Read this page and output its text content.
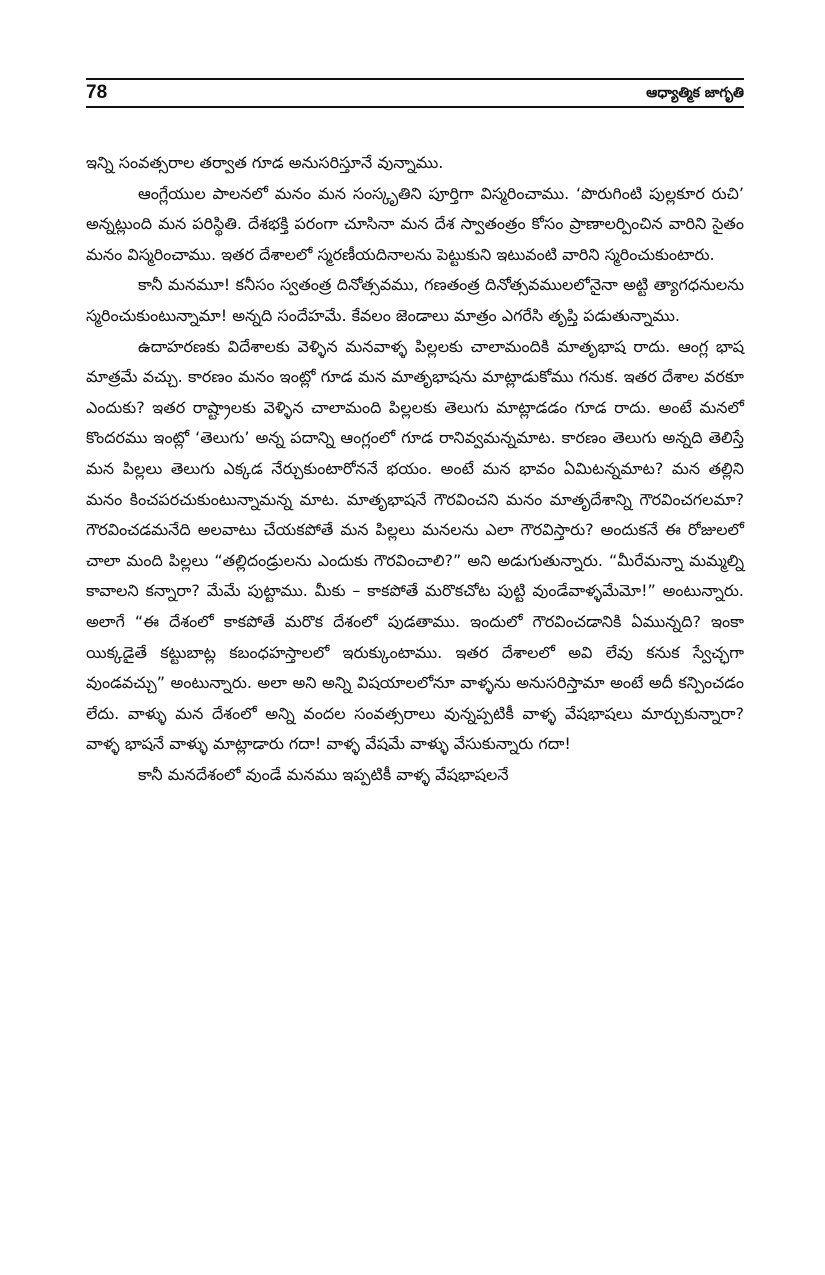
78	ఆధ్యాత్మిక జాగృతి

ఇన్ని సంవత్సరాల తర్వాత గూడ అనుసరిస్తూనే వున్నాము.

ఆంగ్లేయుల పాలనలో మనం మన సంస్కృతిని పూర్తిగా విస్మరించాము. ‘పొరుగింటి పుల్లకూర రుచి’ అన్నట్లుంది మన పరిస్థితి. దేశభక్తి పరంగా చూసినా మన దేశ స్వాతంత్రం కోసం ప్రాణాలర్పించిన వారిని సైతం మనం విస్మరించాము. ఇతర దేశాలలో స్మరణీయదినాలను పెట్టుకుని ఇటువంటి వారిని స్మరించుకుంటారు.

కానీ మనమూ! కనీసం స్వతంత్ర దినోత్సవము, గణతంత్ర దినోత్సవములలోనైనా అట్టి త్యాగధనులను స్మరించుకుంటున్నామా! అన్నది సందేహమే. కేవలం జెండాలు మాత్రం ఎగరేసి తృప్తి పడుతున్నాము.

ఉదాహరణకు విదేశాలకు వెళ్ళిన మనవాళ్ళ పిల్లలకు చాలామందికి మాతృభాష రాదు. ఆంగ్ల భాష మాత్రమే వచ్చు. కారణం మనం ఇంట్లో గూడ మన మాతృభాషను మాట్లాడుకోము గనుక. ఇతర దేశాల వరకూ ఎందుకు? ఇతర రాష్ట్రాలకు వెళ్ళిన చాలామంది పిల్లలకు తెలుగు మాట్లాడడం గూడ రాదు. అంటే మనలో కొందరము ఇంట్లో ‘తెలుగు’ అన్న పదాన్ని ఆంగ్లంలో గూడ రానివ్వమన్నమాట. కారణం తెలుగు అన్నది తెలిస్తే మన పిల్లలు తెలుగు ఎక్కడ నేర్చుకుంటారోననే భయం. అంటే మన భావం ఏమిటన్నమాట? మన తల్లిని మనం కించపరచుకుంటున్నామన్న మాట. మాతృభాషనే గౌరవించని మనం మాతృదేశాన్ని గౌరవించగలమా? గౌరవించడమనేది అలవాటు చేయకపోతే మన పిల్లలు మనలను ఎలా గౌరవిస్తారు? అందుకనే ఈ రోజులలో చాలా మంది పిల్లలు “తల్లిదండ్రులను ఎందుకు గౌరవించాలి?” అని అడుగుతున్నారు. “మీరేమన్నా మమ్మల్ని కావాలని కన్నారా? మేమే పుట్టాము. మీకు – కాకపోతే మరొకచోట పుట్టి వుండేవాళ్ళమేమో!” అంటున్నారు. అలాగే “ఈ దేశంలో కాకపోతే మరొక దేశంలో పుడతాము. ఇందులో గౌరవించడానికి ఏమున్నది? ఇంకా యిక్కడైతే కట్టుబాట్ల కబంధహస్తాలలో ఇరుక్కుంటాము. ఇతర దేశాలలో అవి లేవు కనుక స్వేచ్ఛగా వుండవచ్చు” అంటున్నారు. అలా అని అన్ని విషయాలలోనూ వాళ్ళను అనుసరిస్తామా అంటే అదీ కన్పించడం లేదు. వాళ్ళు మన దేశంలో అన్ని వందల సంవత్సరాలు వున్నప్పటికీ వాళ్ళ వేషభాషలు మార్చుకున్నారా? వాళ్ళ భాషనే వాళ్ళు మాట్లాడారు గదా! వాళ్ళ వేషమే వాళ్ళు వేసుకున్నారు గదా!

కానీ మనదేశంలో వుండే మనము ఇప్పటికీ వాళ్ళ వేషభాషలనే
